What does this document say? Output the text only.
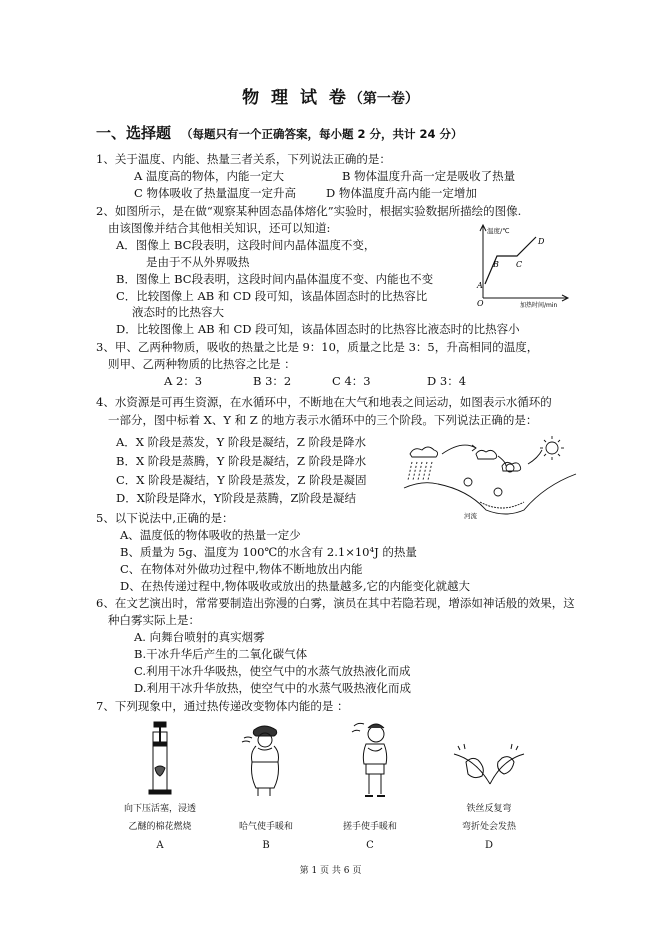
物 理 试 卷（第一卷）
一、选择题 （每题只有一个正确答案，每小题 2 分，共计 24 分）
1、关于温度、内能、热量三者关系，下列说法正确的是：
A 温度高的物体，内能一定大	B 物体温度升高一定是吸收了热量
C 物体吸收了热量温度一定升高	D 物体温度升高内能一定增加
2、如图所示，是在做“观察某种固态晶体熔化”实验时，根据实验数据所描绘的图像.
由该图像并结合其他相关知识，还可以知道:
A．图像上 BC段表明，这段时间内晶体温度不变，
是由于不从外界吸热
B．图像上 BC段表明，这段时间内晶体温度不变、内能也不变
C．比较图像上 AB 和 CD 段可知，该晶体固态时的比热容比
液态时的比热容大
D．比较图像上 AB 和 CD 段可知，该晶体固态时的比热容比液态时的比热容小
温度/℃
加热时间/min
O
A
B C
D
3、甲、乙两种物质，吸收的热量之比是 9：10，质量之比是 3：5，升高相同的温度，
则甲、乙两种物质的比热容之比是 ：
A 2：3	B 3：2	C 4：3	D 3：4
4、水资源是可再生资源，在水循环中，不断地在大气和地表之间运动，如图表示水循环的
一部分，图中标着 X、Y 和 Z 的地方表示水循环中的三个阶段。下列说法正确的是：
A．X 阶段是蒸发，Y 阶段是凝结，Z 阶段是降水
B．X 阶段是蒸腾，Y 阶段是凝结，Z 阶段是降水
C．X 阶段是凝结，Y 阶段是蒸发，Z 阶段是凝固
D．X阶段是降水，Y阶段是蒸腾，Z阶段是凝结
河流
5、以下说法中,正确的是：
A、温度低的物体吸收的热量一定少
B、质量为 5g、温度为 100℃的水含有 2.1×10⁴J 的热量
C、在物体对外做功过程中,物体不断地放出内能
D、在热传递过程中,物体吸收或放出的热量越多,它的内能变化就越大
6、在文艺演出时，常常要制造出弥漫的白雾，演员在其中若隐若现，增添如神话般的效果，这
种白雾实际上是：
A. 向舞台喷射的真实烟雾
B.干冰升华后产生的二氧化碳气体
C.利用干冰升华吸热，使空气中的水蒸气放热液化而成
D.利用干冰升华放热，使空气中的水蒸气吸热液化而成
7、下列现象中，通过热传递改变物体内能的是 ：
向下压活塞，浸透
乙醚的棉花燃烧
A
哈气使手暖和
B
搓手使手暖和
C
铁丝反复弯
弯折处会发热
D
第 1 页 共 6 页
